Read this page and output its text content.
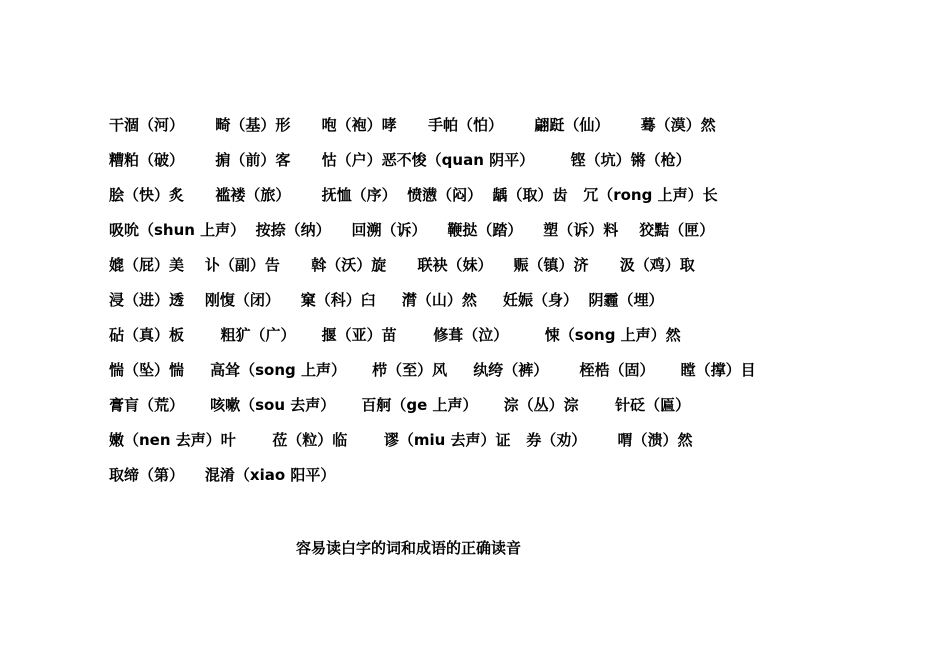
干涸（河）      畸（基）形      咆（袍）哮      手帕（怕）      翩跹（仙）      蓦（漠）然
糟粕（破）      掮（前）客      怙（户）恶不悛（quan 阴平）       铿（坑）锵（枪）
脍（快）炙      褴褛（旅）      抚恤（序）  愤懑（闷）  龋（取）齿   冗（rong 上声）长
吸吮（shun 上声）  按捺（纳）    回溯（诉）    鞭挞（踏）    塑（诉）料    狡黠（匣）
媲（屁）美    讣（副）告      斡（沃）旋      联袂（妹）    赈（镇）济      汲（鸡）取
浸（进）透    刚愎（闭）    窠（科）臼     潸（山）然     妊娠（身）  阴霾（埋）
砧（真）板       粗犷（广）     揠（亚）苗       修葺（泣）       悚（song 上声）然
惴（坠）惴     高耸（song 上声）     栉（至）风     纨绔（裤）      桎梏（固）     瞠（撑）目
膏肓（荒）     咳嗽（sou 去声）     百舸（ge 上声）     淙（丛）淙       针砭（匾）
嫩（nen 去声）叶       莅（粒）临       谬（miu 去声）证   券（劝）      喟（溃）然
取缔（第）    混淆（xiao 阳平）
容易读白字的词和成语的正确读音
